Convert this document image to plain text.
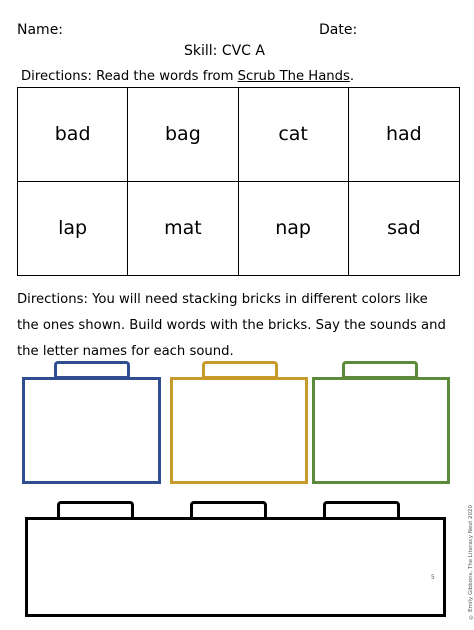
Name:	Date:
Skill: CVC A
Directions: Read the words from Scrub The Hands.
bad	bag	cat	had
lap	mat	nap	sad
Directions: You will need stacking bricks in different colors like
the ones shown. Build words with the bricks. Say the sounds and
the letter names for each sound.
© Emily Gibbons, The Literacy Nest 2020
5
